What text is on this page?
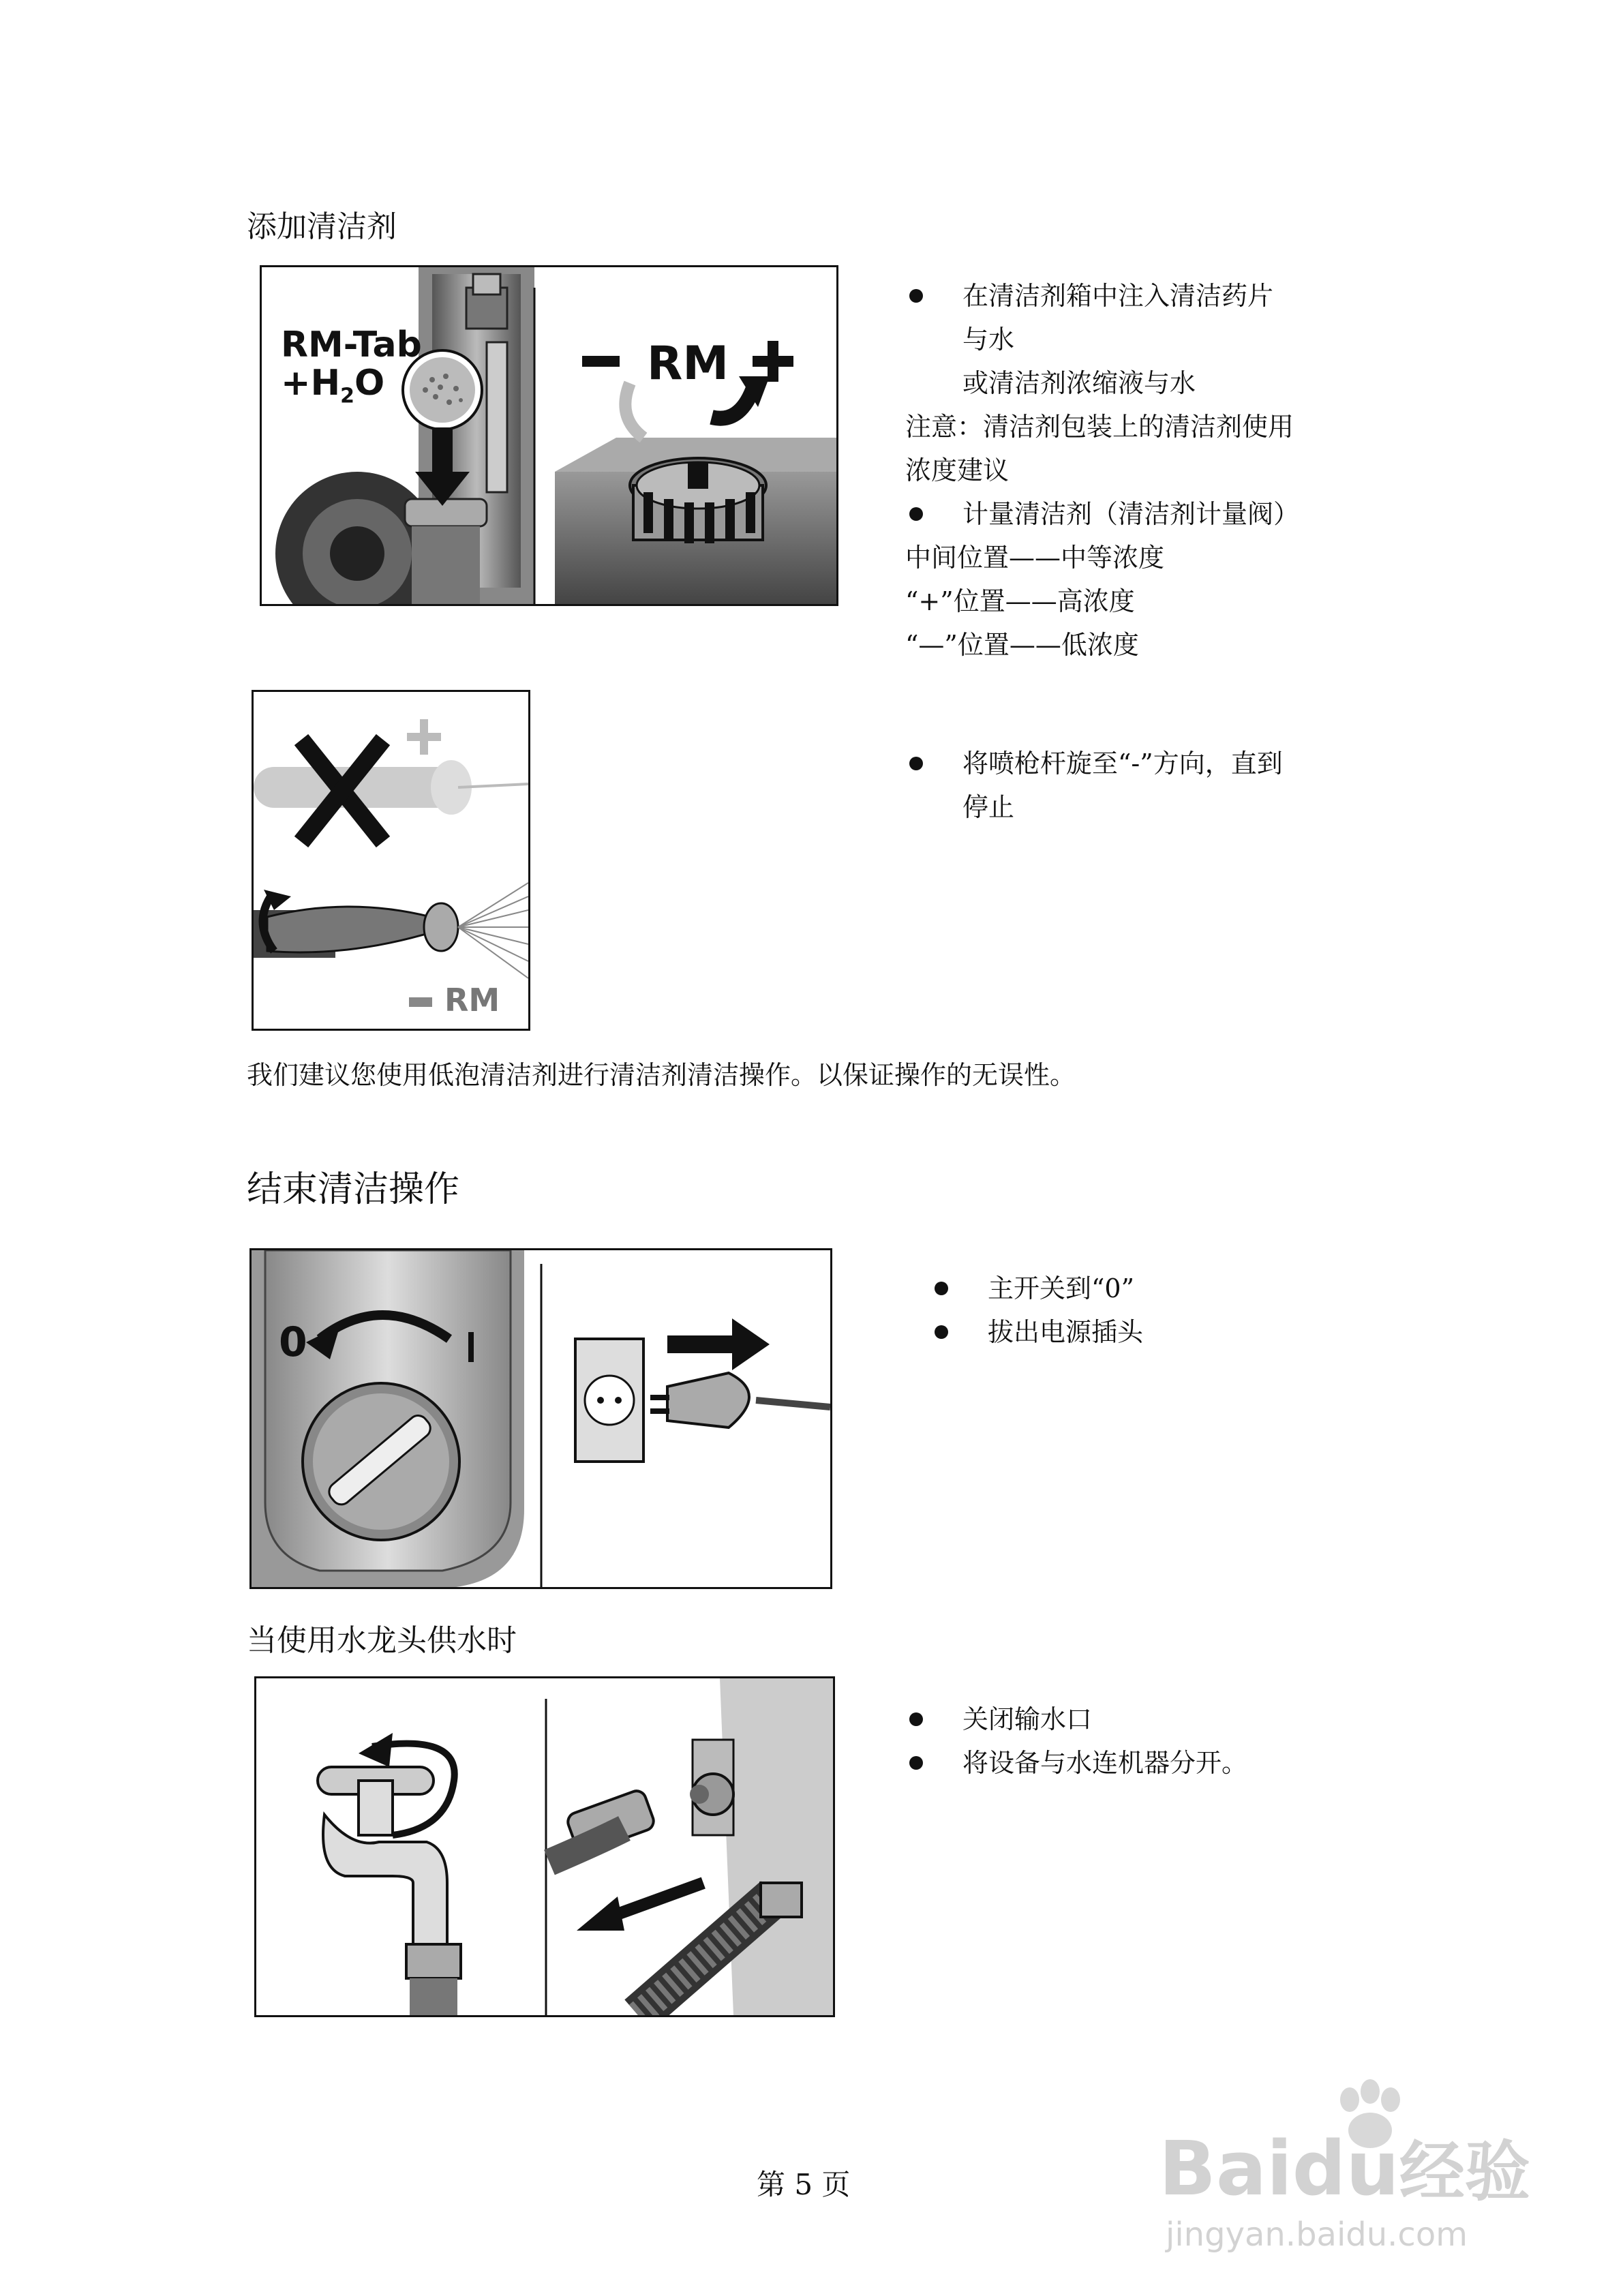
添加清洁剂
RM-Tab
$+H_2O$	RM
在清洁剂箱中注入清洁药片
与水
或清洁剂浓缩液与水
注意：清洁剂包装上的清洁剂使用
浓度建议
计量清洁剂（清洁剂计量阀）
中间位置——中等浓度
“+”位置——高浓度
“—”位置——低浓度
RM
将喷枪杆旋至“-”方向，直到
停止
我们建议您使用低泡清洁剂进行清洁剂清洁操作。以保证操作的无误性。
结束清洁操作
0
主开关到“0”
拔出电源插头
当使用水龙头供水时
关闭输水口
将设备与水连机器分开。
Baidu经验
jingyan.baidu.com
第 5 页
